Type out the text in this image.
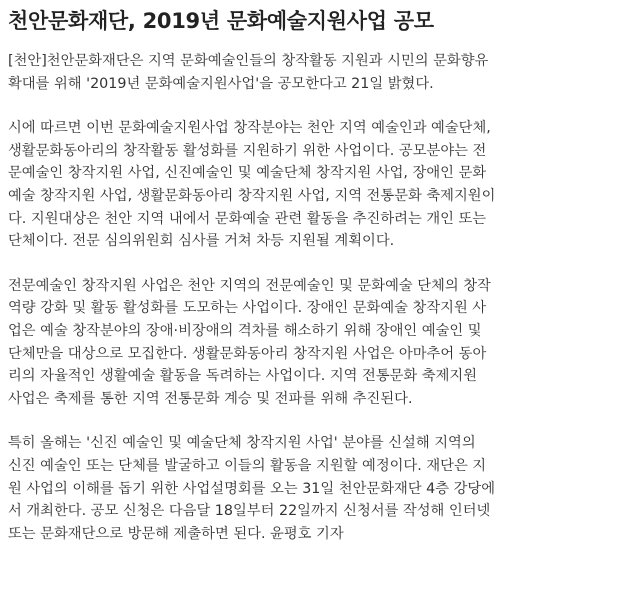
천안문화재단, 2019년 문화예술지원사업 공모
[천안]천안문화재단은 지역 문화예술인들의 창작활동 지원과 시민의 문화향유
확대를 위해 '2019년 문화예술지원사업'을 공모한다고 21일 밝혔다.
시에 따르면 이번 문화예술지원사업 창작분야는 천안 지역 예술인과 예술단체,
생활문화동아리의 창작활동 활성화를 지원하기 위한 사업이다. 공모분야는 전
문예술인 창작지원 사업, 신진예술인 및 예술단체 창작지원 사업, 장애인 문화
예술 창작지원 사업, 생활문화동아리 창작지원 사업, 지역 전통문화 축제지원이
다. 지원대상은 천안 지역 내에서 문화예술 관련 활동을 추진하려는 개인 또는
단체이다. 전문 심의위원회 심사를 거쳐 차등 지원될 계획이다.
전문예술인 창작지원 사업은 천안 지역의 전문예술인 및 문화예술 단체의 창작
역량 강화 및 활동 활성화를 도모하는 사업이다. 장애인 문화예술 창작지원 사
업은 예술 창작분야의 장애·비장애의 격차를 해소하기 위해 장애인 예술인 및
단체만을 대상으로 모집한다. 생활문화동아리 창작지원 사업은 아마추어 동아
리의 자율적인 생활예술 활동을 독려하는 사업이다. 지역 전통문화 축제지원
사업은 축제를 통한 지역 전통문화 계승 및 전파를 위해 추진된다.
특히 올해는 '신진 예술인 및 예술단체 창작지원 사업' 분야를 신설해 지역의
신진 예술인 또는 단체를 발굴하고 이들의 활동을 지원할 예정이다. 재단은 지
원 사업의 이해를 돕기 위한 사업설명회를 오는 31일 천안문화재단 4층 강당에
서 개최한다. 공모 신청은 다음달 18일부터 22일까지 신청서를 작성해 인터넷
또는 문화재단으로 방문해 제출하면 된다. 윤평호 기자
